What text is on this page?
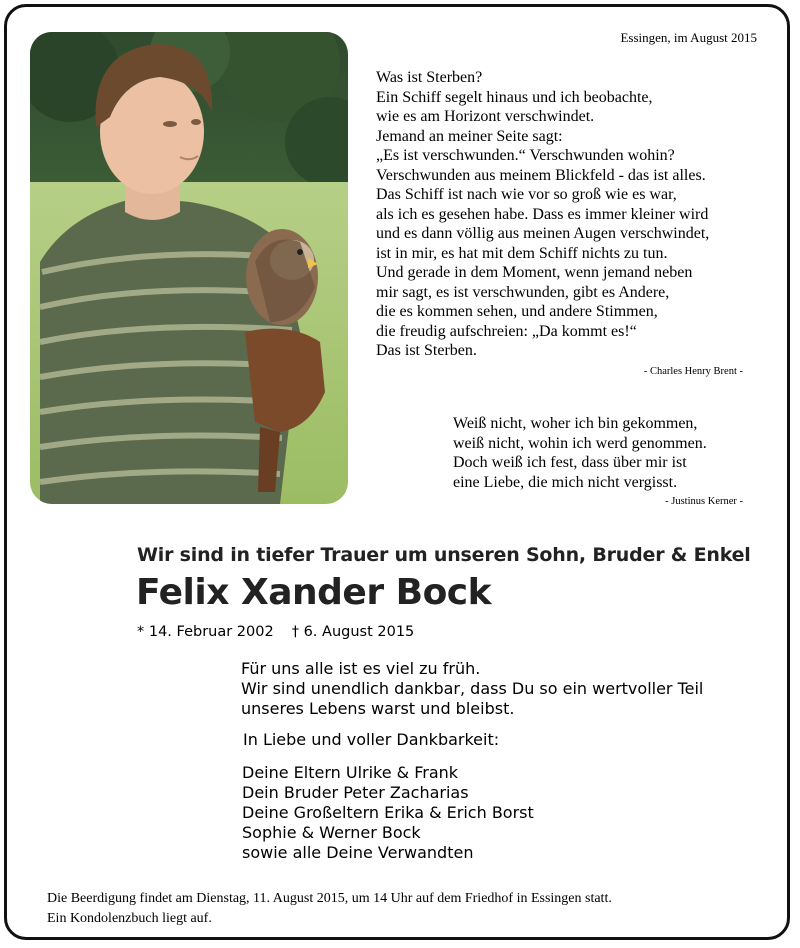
Essingen, im August 2015
Was ist Sterben?
Ein Schiff segelt hinaus und ich beobachte,
wie es am Horizont verschwindet.
Jemand an meiner Seite sagt:
„Es ist verschwunden.“ Verschwunden wohin?
Verschwunden aus meinem Blickfeld - das ist alles.
Das Schiff ist nach wie vor so groß wie es war,
als ich es gesehen habe. Dass es immer kleiner wird
und es dann völlig aus meinen Augen verschwindet,
ist in mir, es hat mit dem Schiff nichts zu tun.
Und gerade in dem Moment, wenn jemand neben
mir sagt, es ist verschwunden, gibt es Andere,
die es kommen sehen, und andere Stimmen,
die freudig aufschreien: „Da kommt es!“
Das ist Sterben.
- Charles Henry Brent -
Weiß nicht, woher ich bin gekommen,
weiß nicht, wohin ich werd genommen.
Doch weiß ich fest, dass über mir ist
eine Liebe, die mich nicht vergisst.
- Justinus Kerner -
Wir sind in tiefer Trauer um unseren Sohn, Bruder & Enkel
Felix Xander Bock
* 14. Februar 2002 † 6. August 2015
Für uns alle ist es viel zu früh.
Wir sind unendlich dankbar, dass Du so ein wertvoller Teil
unseres Lebens warst und bleibst.
In Liebe und voller Dankbarkeit:
Deine Eltern Ulrike & Frank
Dein Bruder Peter Zacharias
Deine Großeltern Erika & Erich Borst
Sophie & Werner Bock
sowie alle Deine Verwandten
Die Beerdigung findet am Dienstag, 11. August 2015, um 14 Uhr auf dem Friedhof in Essingen statt.
Ein Kondolenzbuch liegt auf.
